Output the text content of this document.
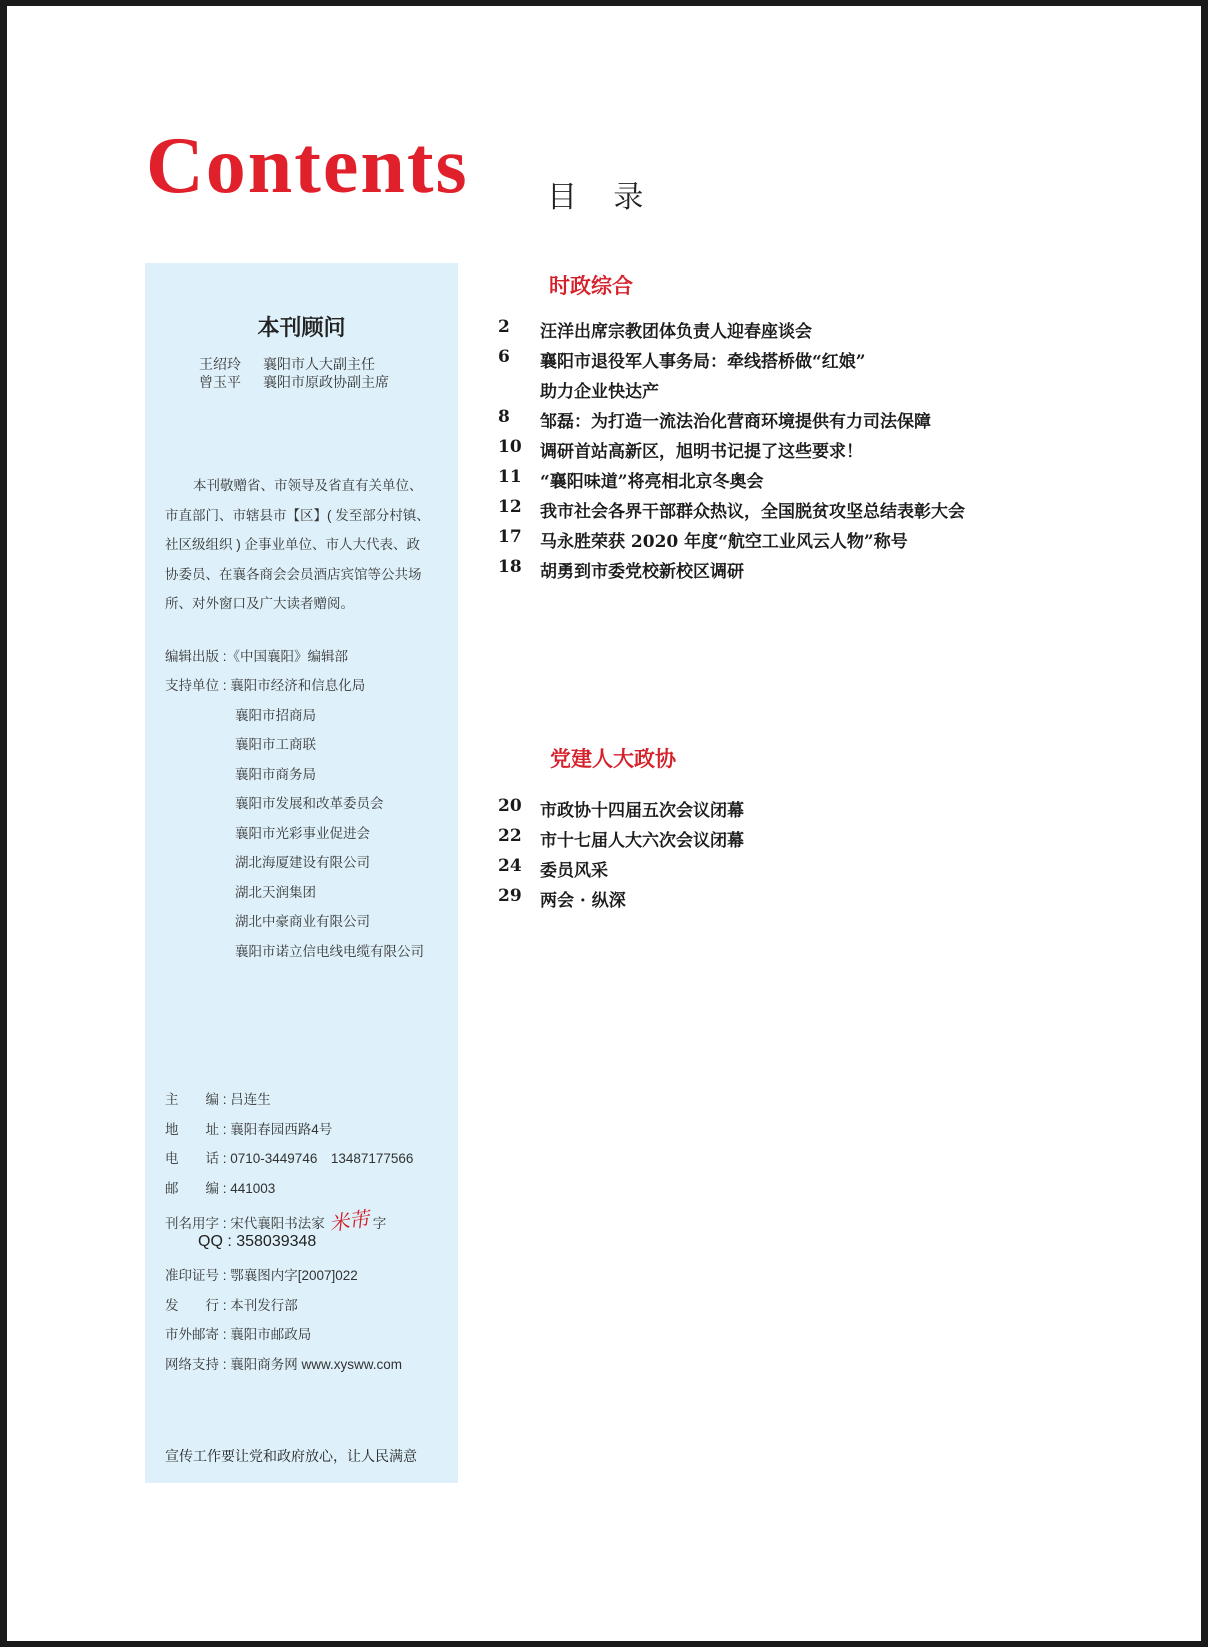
Contents	目 录
本刊顾问
王绍玲 襄阳市人大副主任
曾玉平 襄阳市原政协副主席
本刊敬赠省、市领导及省直有关单位、市直部门、市辖县市【区】( 发至部分村镇、社区级组织 ) 企事业单位、市人大代表、政协委员、在襄各商会会员酒店宾馆等公共场所、对外窗口及广大读者赠阅。
编辑出版 :《中国襄阳》编辑部
支持单位 : 襄阳市经济和信息化局
襄阳市招商局
襄阳市工商联
襄阳市商务局
襄阳市发展和改革委员会
襄阳市光彩事业促进会
湖北海厦建设有限公司
湖北天润集团
湖北中豪商业有限公司
襄阳市诺立信电线电缆有限公司
主　　编 : 吕连生
地　　址 : 襄阳春园西路4号
电　　话 : 0710-3449746　13487177566
邮　　编 : 441003
刊名用字 : 宋代襄阳书法家 米芾 字
QQ : 358039348
准印证号 : 鄂襄图内字[2007]022
发　　行 : 本刊发行部
市外邮寄 : 襄阳市邮政局
网络支持 : 襄阳商务网 www.xysww.com
宣传工作要让党和政府放心，让人民满意
时政综合
2 汪洋出席宗教团体负责人迎春座谈会
6 襄阳市退役军人事务局：牵线搭桥做“红娘”
助力企业快达产
8 邹磊：为打造一流法治化营商环境提供有力司法保障
10 调研首站高新区，旭明书记提了这些要求！
11 “襄阳味道”将亮相北京冬奥会
12 我市社会各界干部群众热议，全国脱贫攻坚总结表彰大会
17 马永胜荣获 2020 年度“航空工业风云人物”称号
18 胡勇到市委党校新校区调研
党建人大政协
20 市政协十四届五次会议闭幕
22 市十七届人大六次会议闭幕
24 委员风采
29 两会 · 纵深
